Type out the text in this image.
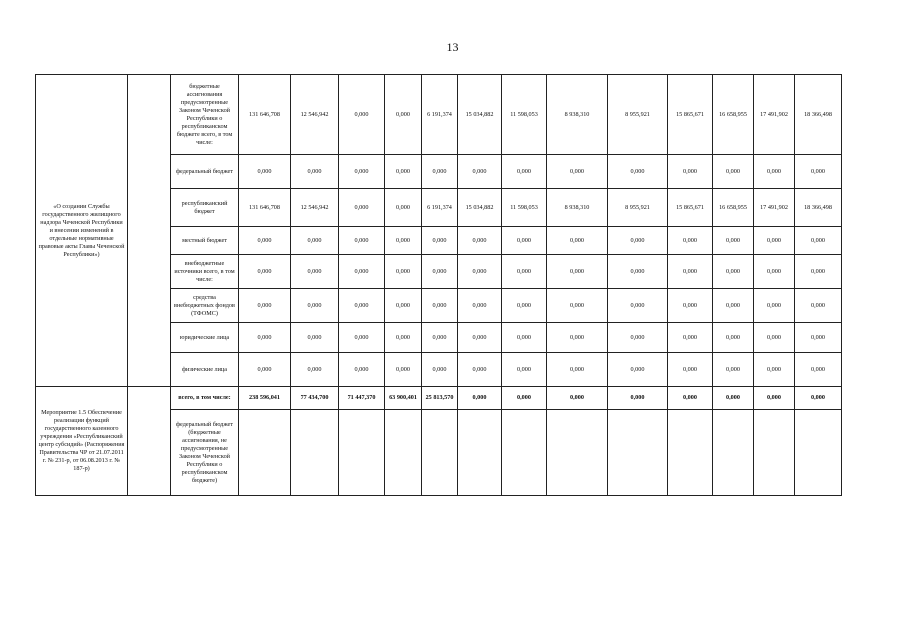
13
«О создании Службы государственного жилищного надзора Чеченской Республики и внесении изменений в отдельные нормативные правовые акты Главы Чеченской Республики»)		бюджетные ассигнования предусмотренные Законом Чеченской Республики о республиканском бюджете всего, в том числе:	131 646,708	12 546,942	0,000	0,000	6 191,374	15 034,882	11 598,053	8 938,310	8 955,921	15 865,671	16 658,955	17 491,902	18 366,498
		федеральный бюджет	0,000	0,000	0,000	0,000	0,000	0,000	0,000	0,000	0,000	0,000	0,000	0,000	0,000
		республиканский бюджет	131 646,708	12 546,942	0,000	0,000	6 191,374	15 034,882	11 598,053	8 938,310	8 955,921	15 865,671	16 658,955	17 491,902	18 366,498
		местный бюджет	0,000	0,000	0,000	0,000	0,000	0,000	0,000	0,000	0,000	0,000	0,000	0,000	0,000
		внебюджетные источники всего, в том числе:	0,000	0,000	0,000	0,000	0,000	0,000	0,000	0,000	0,000	0,000	0,000	0,000	0,000
		средства внебюджетных фондов (ТФОМС)	0,000	0,000	0,000	0,000	0,000	0,000	0,000	0,000	0,000	0,000	0,000	0,000	0,000
		юридические лица	0,000	0,000	0,000	0,000	0,000	0,000	0,000	0,000	0,000	0,000	0,000	0,000	0,000
		физические лица	0,000	0,000	0,000	0,000	0,000	0,000	0,000	0,000	0,000	0,000	0,000	0,000	0,000
Мероприятие 1.5 Обеспечение реализации функций государственного казенного учреждения «Республиканский центр субсидий» (Распоряжения Правительства ЧР от 21.07.2011 г. № 231-р, от 06.08.2013 г. № 187-р)		всего, в том числе:	238 596,041	77 434,700	71 447,370	63 900,401	25 813,570	0,000	0,000	0,000	0,000	0,000	0,000	0,000	0,000
		федеральный бюджет (бюджетные ассигнования, не предусмотренные Законом Чеченской Республики о республиканском бюджете)													
